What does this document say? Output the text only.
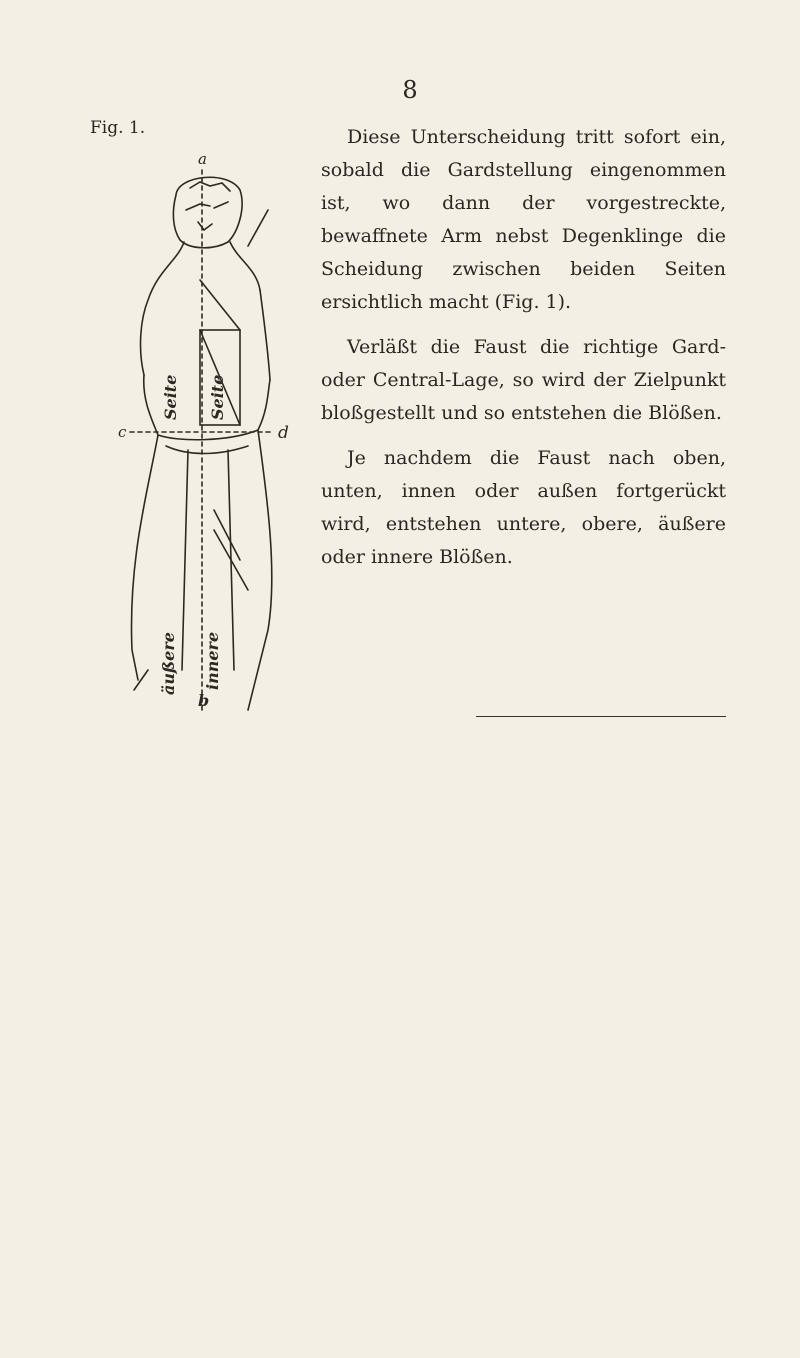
8
Fig. 1.
a
b
c	d
Seite Seite
äußere innere

Diese Unterscheidung tritt sofort ein, sobald die Gardstellung eingenommen ist, wo dann der vorgestreckte, bewaffnete Arm nebst Degenklinge die Scheidung zwischen beiden Seiten ersichtlich macht (Fig. 1).

Verläßt die Faust die richtige Gard- oder Central-Lage, so wird der Zielpunkt bloßgestellt und so entstehen die Blößen.

Je nachdem die Faust nach oben, unten, innen oder außen fortgerückt wird, entstehen untere, obere, äußere oder innere Blößen.
